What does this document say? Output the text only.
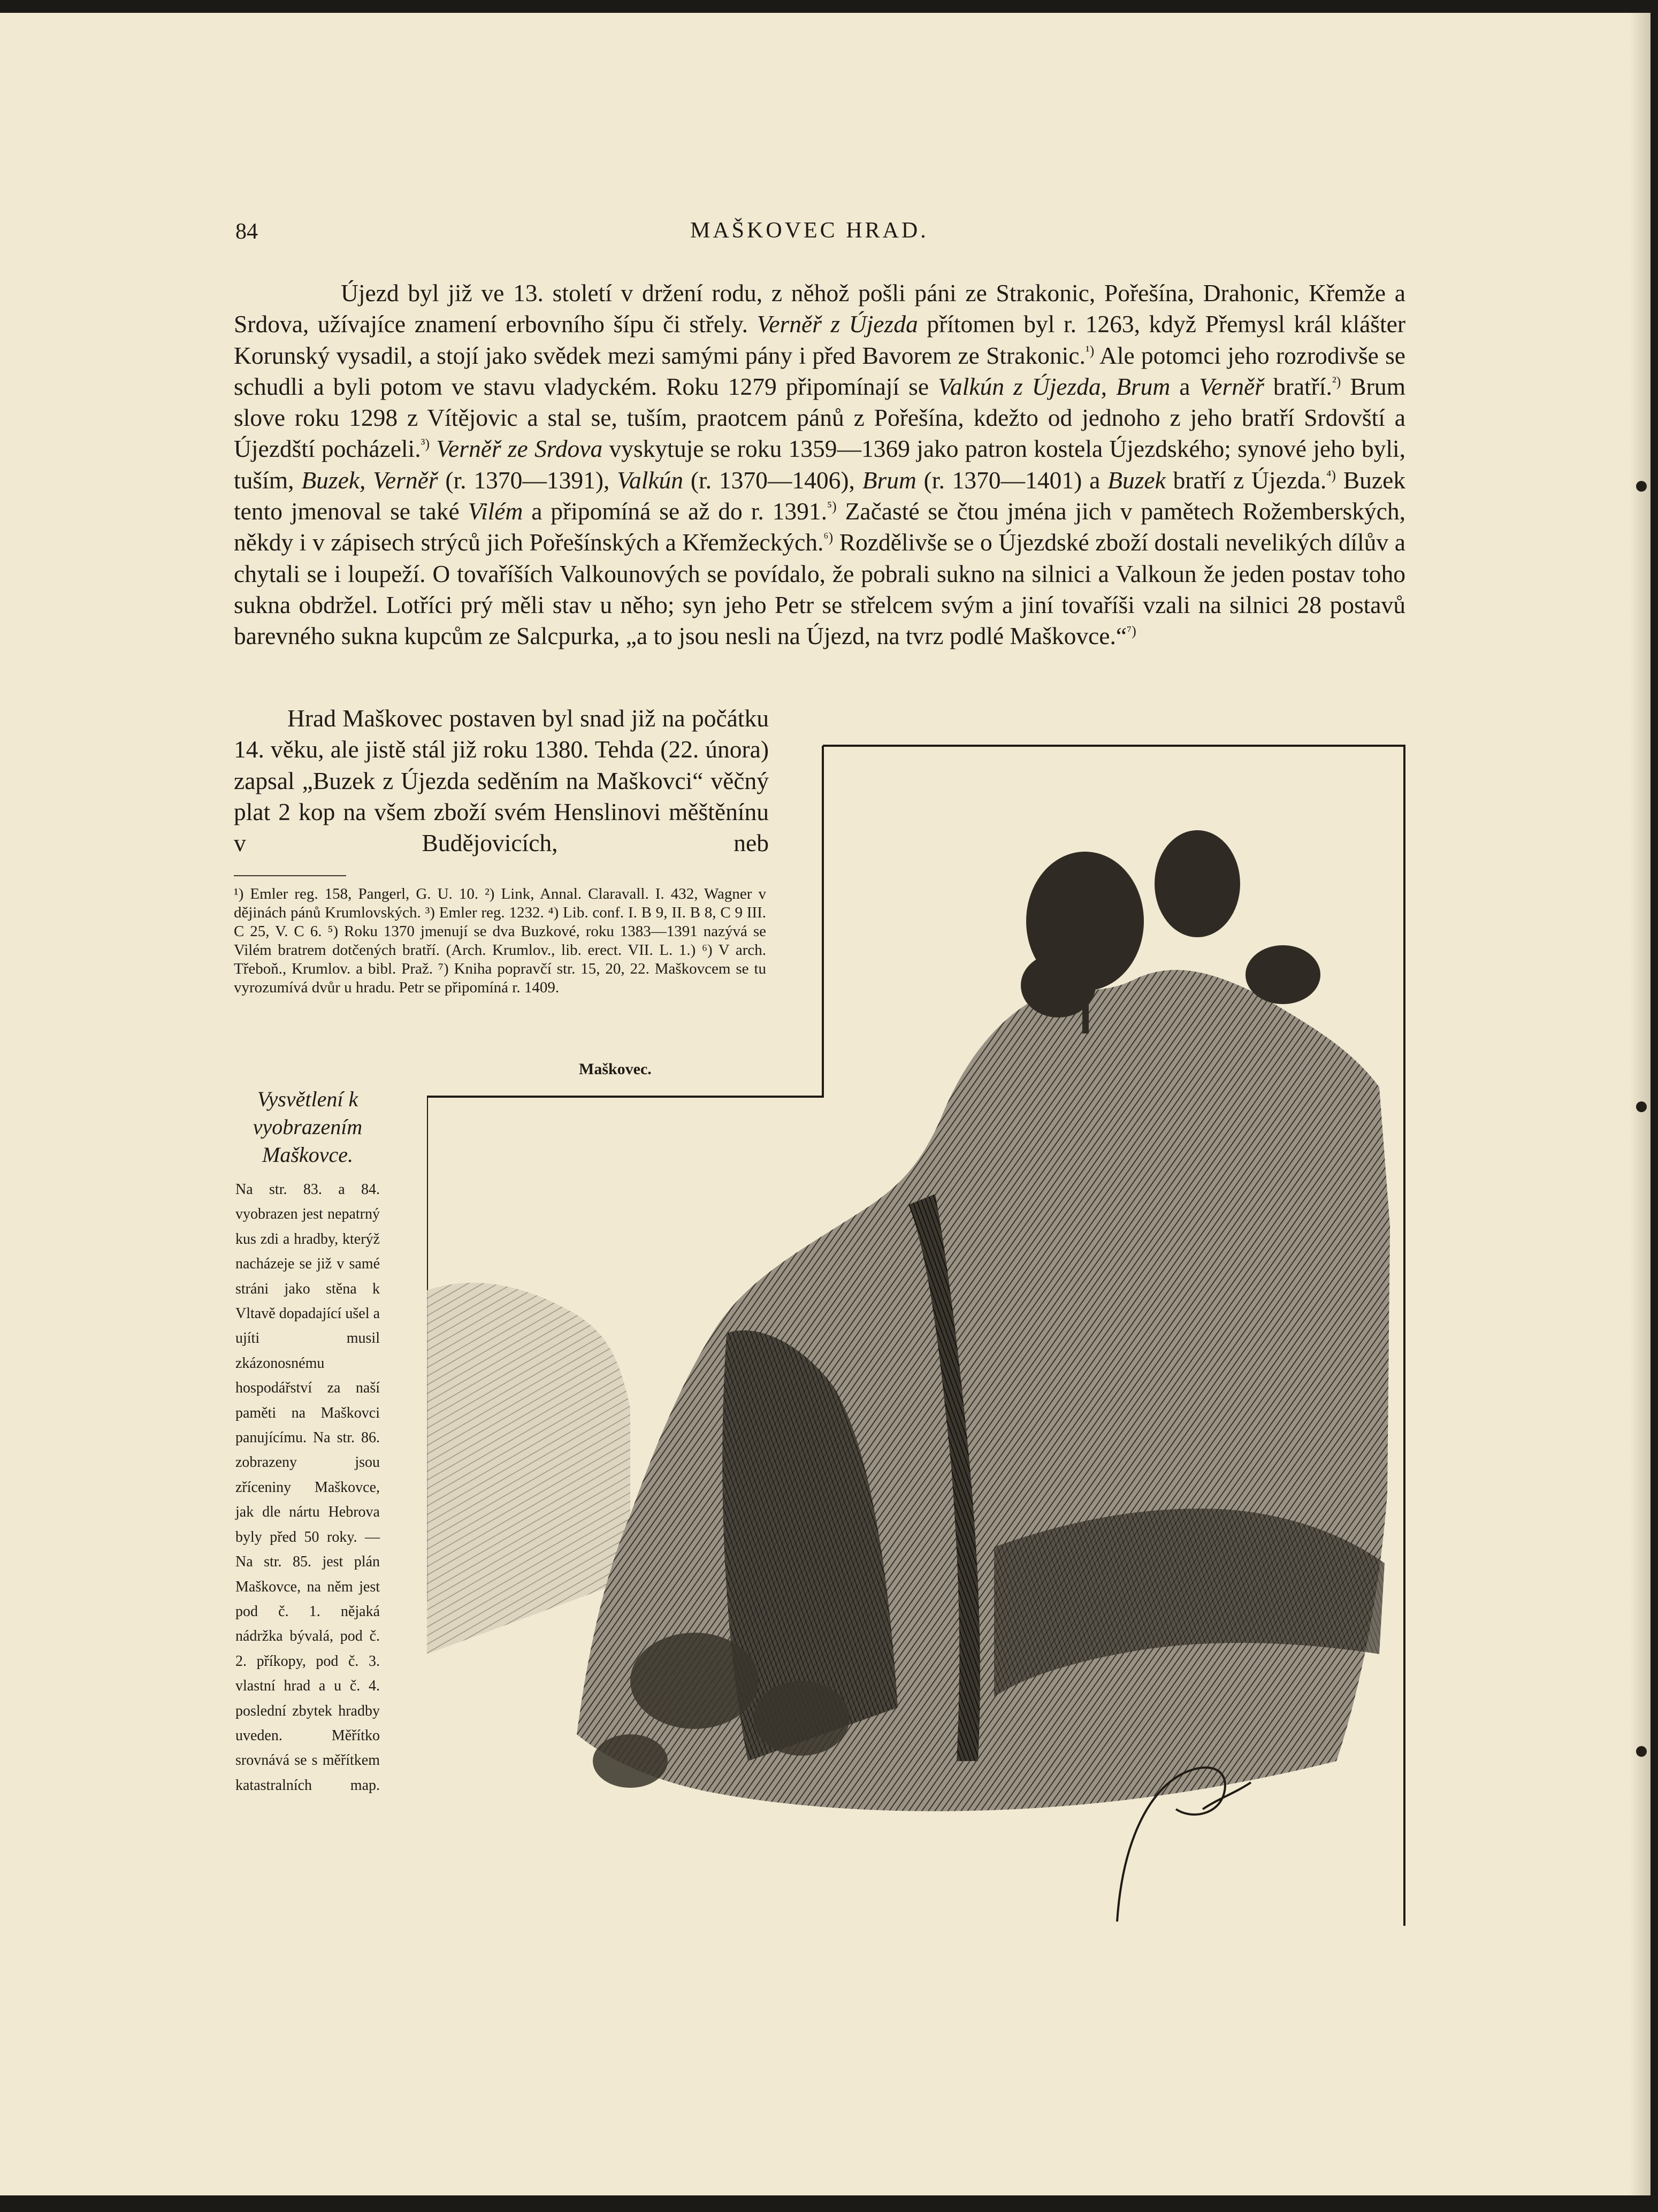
84	MAŠKOVEC HRAD.

Újezd byl již ve 13. století v držení rodu, z něhož pošli páni ze Strakonic, Pořešína, Drahonic, Křemže a Srdova, užívajíce znamení erbovního šípu či střely. Verněř z Újezda přítomen byl r. 1263, když Přemysl král klášter Korunský vysadil, a stojí jako svědek mezi samými pány i před Bavorem ze Strakonic.$^{^1)}$ Ale potomci jeho rozrodivše se schudli a byli potom ve stavu vladyckém. Roku 1279 připomínají se Valkún z Újezda, Brum a Verněř bratří.$^{^2)}$ Brum slove roku 1298 z Vítějovic a stal se, tuším, praotcem pánů z Pořešína, kdežto od jednoho z jeho bratří Srdovští a Újezdští pocházeli.$^{^3)}$ Verněř ze Srdova vyskytuje se roku 1359—1369 jako patron kostela Újezdského; synové jeho byli, tuším, Buzek, Verněř (r. 1370—1391), Valkún (r. 1370—1406), Brum (r. 1370—1401) a Buzek bratří z Újezda.$^{^4)}$ Buzek tento jmenoval se také Vilém a připomíná se až do r. 1391.$^{^5)}$ Začasté se čtou jména jich v pamětech Rožemberských, někdy i v zápisech strýců jich Pořešínských a Křemžeckých.$^{^6)}$ Rozdělivše se o Újezdské zboží dostali nevelikých dílův a chytali se i loupeží. O tovaříších Valkounových se povídalo, že pobrali sukno na silnici a Valkoun že jeden postav toho sukna obdržel. Lotříci prý měli stav u něho; syn jeho Petr se střelcem svým a jiní tovaříši vzali na silnici 28 postavů barevného sukna kupcům ze Salcpurka, „a to jsou nesli na Újezd, na tvrz podlé Maškovce.“$^{^7)}$

Hrad Maškovec postaven byl snad již na počátku 14. věku, ale jistě stál již roku 1380. Tehda (22. února) zapsal „Buzek z Újezda seděním na Maškovci“ věčný plat 2 kop na všem zboží svém Henslinovi měštěnínu v Budějovicích, neb

¹) Emler reg. 158, Pangerl, G. U. 10. ²) Link, Annal. Claravall. I. 432, Wagner v dějinách pánů Krumlovských. ³) Emler reg. 1232. ⁴) Lib. conf. I. B 9, II. B 8, C 9 III. C 25, V. C 6. ⁵) Roku 1370 jmenují se dva Buzkové, roku 1383—1391 nazývá se Vilém bratrem dotčených bratří. (Arch. Krumlov., lib. erect. VII. L. 1.) ⁶) V arch. Třeboň., Krumlov. a bibl. Praž. ⁷) Kniha popravčí str. 15, 20, 22. Maškovcem se tu vyrozumívá dvůr u hradu. Petr se připomíná r. 1409.

Maškovec.

Vysvětlení k vyobrazením Maškovce.

Na str. 83. a 84. vyobrazen jest nepatrný kus zdi a hradby, kterýž nacházeje se již v samé stráni jako stěna k Vltavě dopadající ušel a ujíti musil zkázonosnému hospodářství za naší paměti na Maškovci panujícímu. Na str. 86. zobrazeny jsou zříceniny Maškovce, jak dle nártu Hebrova byly před 50 roky. — Na str. 85. jest plán Maškovce, na něm jest pod č. 1. nějaká nádržka bývalá, pod č. 2. příkopy, pod č. 3. vlastní hrad a u č. 4. poslední zbytek hradby uveden. Měřítko srovnává se s měřítkem katastralních map.
